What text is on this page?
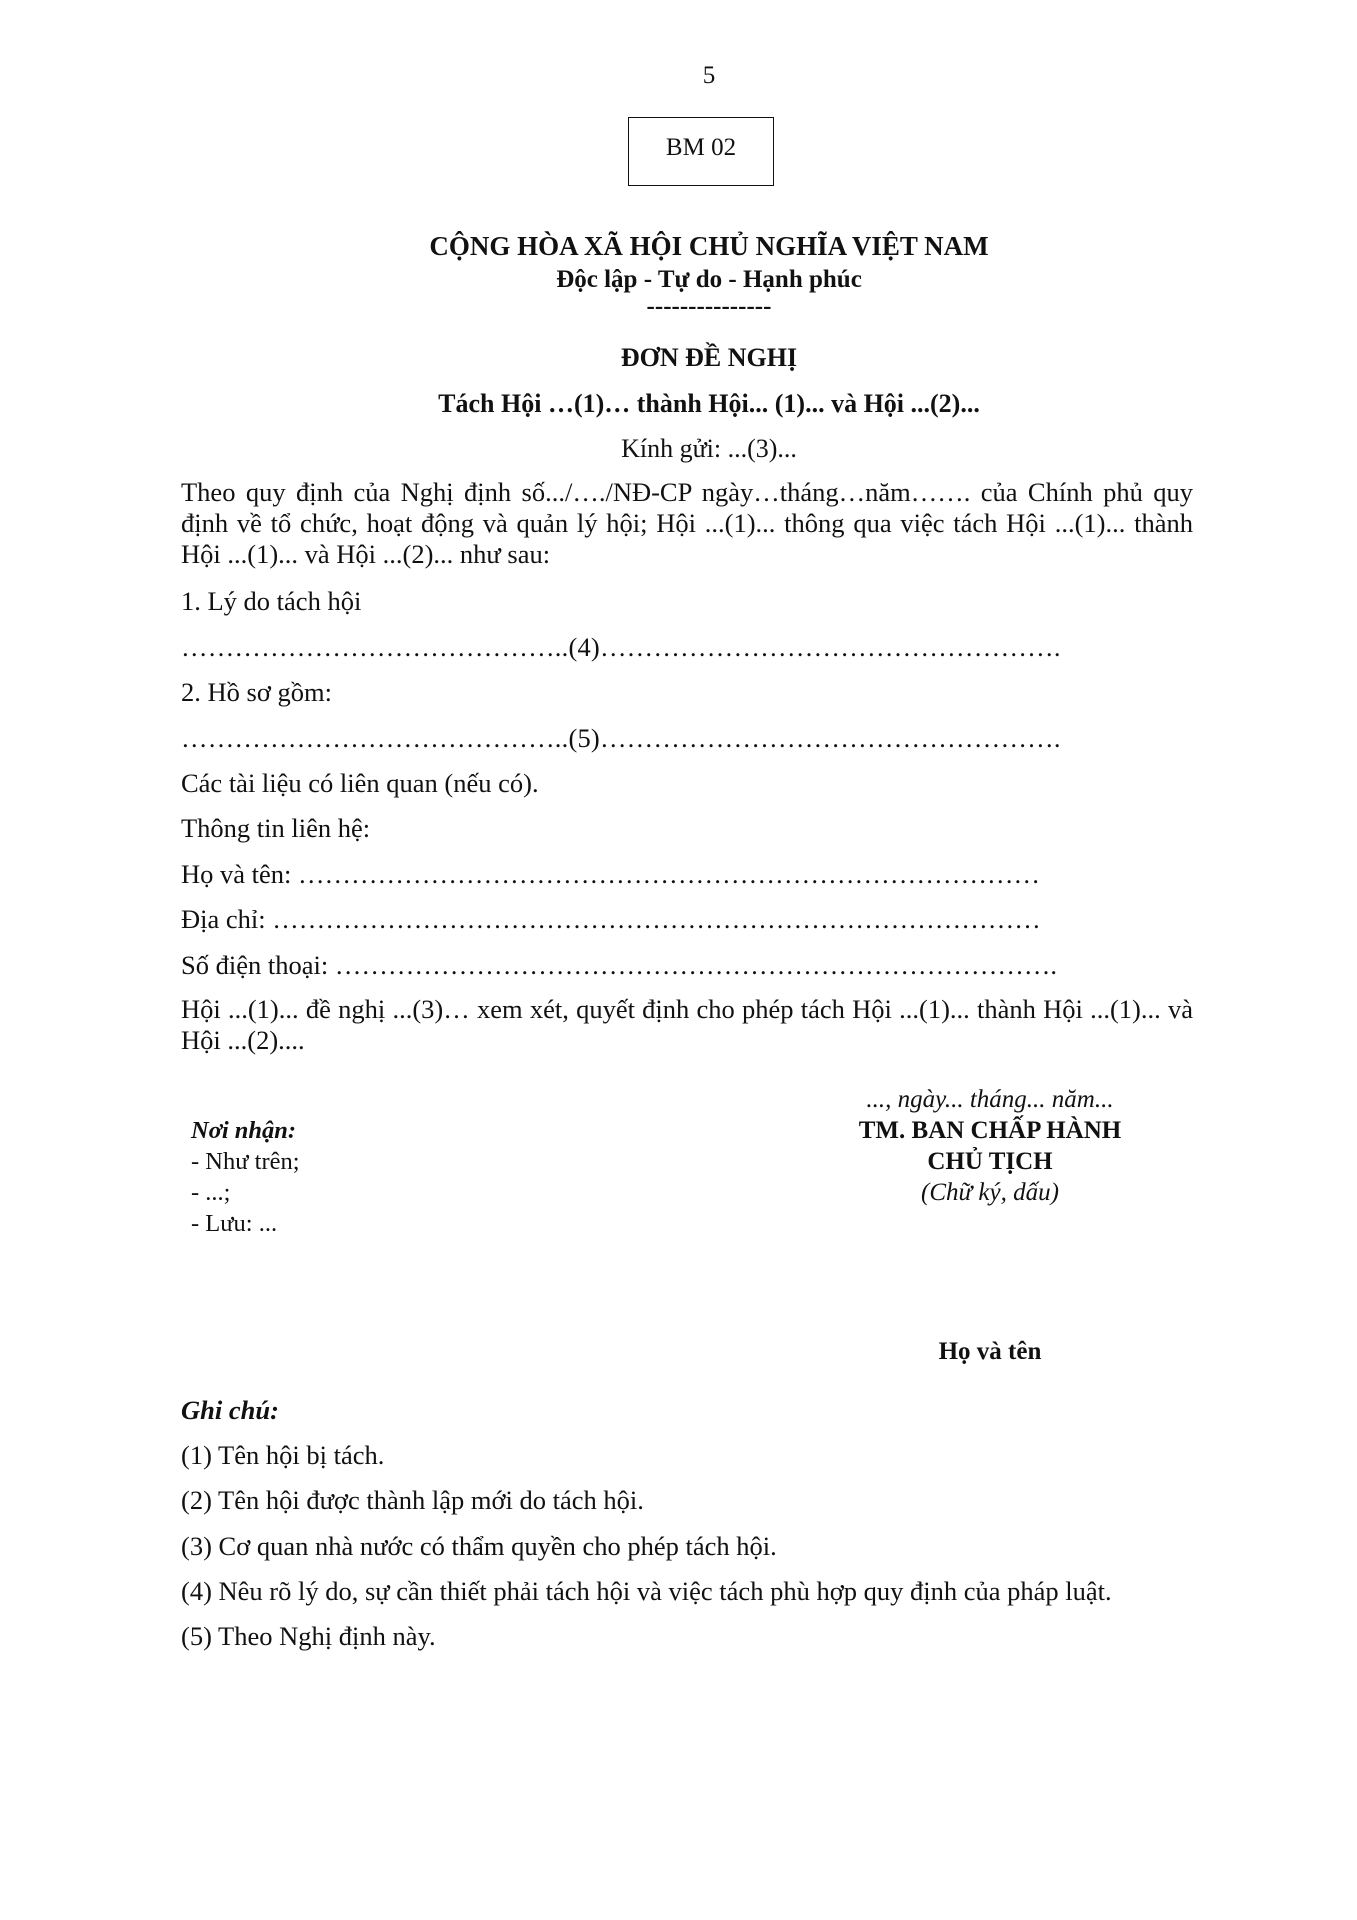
5
BM 02
CỘNG HÒA XÃ HỘI CHỦ NGHĨA VIỆT NAM
Độc lập - Tự do - Hạnh phúc
---------------
ĐƠN ĐỀ NGHỊ
Tách Hội …(1)… thành Hội... (1)... và Hội ...(2)...
Kính gửi: ...(3)...
Theo quy định của Nghị định số.../…./NĐ-CP ngày…tháng…năm……. của Chính phủ quy định về tổ chức, hoạt động và quản lý hội; Hội ...(1)... thông qua việc tách Hội ...(1)... thành Hội ...(1)... và Hội ...(2)... như sau:
1. Lý do tách hội
……………………………………..(4)…………………………………………….
2. Hồ sơ gồm:
……………………………………..(5)…………………………………………….
Các tài liệu có liên quan (nếu có).
Thông tin liên hệ:
Họ và tên: …………………………………………………………………………
Địa chỉ: ……………………………………………………………………………
Số điện thoại: ……………………………………………………………………….
Hội ...(1)... đề nghị ...(3)… xem xét, quyết định cho phép tách Hội ...(1)... thành Hội ...(1)... và Hội ...(2)....
..., ngày... tháng... năm...
TM. BAN CHẤP HÀNH
CHỦ TỊCH
(Chữ ký, dấu)
Họ và tên
Nơi nhận:
- Như trên;
- ...;
- Lưu: ...
Ghi chú:
(1) Tên hội bị tách.
(2) Tên hội được thành lập mới do tách hội.
(3) Cơ quan nhà nước có thẩm quyền cho phép tách hội.
(4) Nêu rõ lý do, sự cần thiết phải tách hội và việc tách phù hợp quy định của pháp luật.
(5) Theo Nghị định này.
